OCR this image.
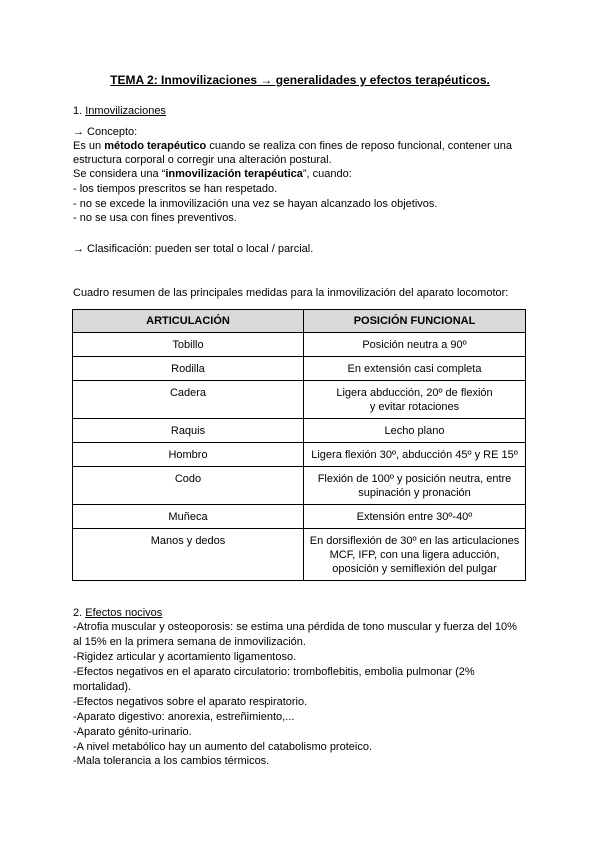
TEMA 2: Inmovilizaciones → generalidades y efectos terapéuticos.
1. Inmovilizaciones
→ Concepto:
Es un método terapéutico cuando se realiza con fines de reposo funcional, contener una
estructura corporal o corregir una alteración postural.
Se considera una “inmovilización terapéutica”, cuando:
- los tiempos prescritos se han respetado.
- no se excede la inmovilización una vez se hayan alcanzado los objetivos.
- no se usa con fines preventivos.
→ Clasificación: pueden ser total o local / parcial.
Cuadro resumen de las principales medidas para la inmovilización del aparato locomotor:
ARTICULACIÓN	POSICIÓN FUNCIONAL
Tobillo	Posición neutra a 90º

Rodilla	En extensión casi completa

Cadera	Ligera abducción, 20º de flexión
y evitar rotaciones

Raquis	Lecho plano

Hombro	Ligera flexión 30º, abducción 45º y RE 15º

Codo	Flexión de 100º y posición neutra, entre
supinación y pronación

Muñeca	Extensión entre 30º-40º

Manos y dedos	En dorsiflexión de 30º en las articulaciones
MCF, IFP, con una ligera aducción,
oposición y semiflexión del pulgar
2. Efectos nocivos
-Atrofia muscular y osteoporosis: se estima una pérdida de tono muscular y fuerza del 10%
al 15% en la primera semana de inmovilización.
-Rigidez articular y acortamiento ligamentoso.
-Efectos negativos en el aparato circulatorio: tromboflebitis, embolia pulmonar (2%
mortalidad).
-Efectos negativos sobre el aparato respiratorio.
-Aparato digestivo: anorexia, estreñimiento,...
-Aparato génito-urinario.
-A nivel metabólico hay un aumento del catabolismo proteico.
-Mala tolerancia a los cambios térmicos.
